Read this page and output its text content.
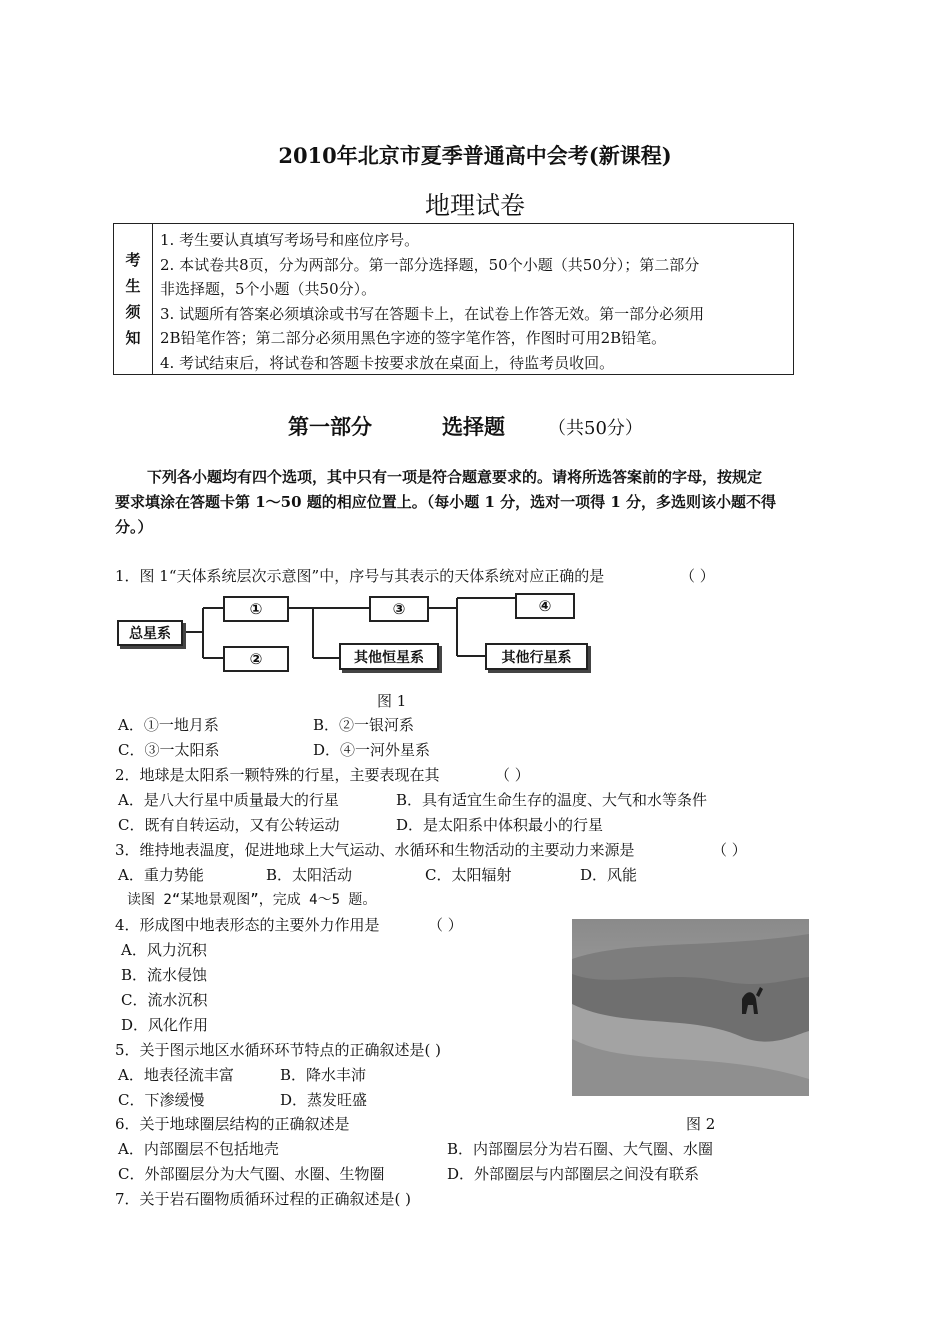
2010年北京市夏季普通高中会考(新课程)
地理试卷
考
生
须
知
1. 考生要认真填写考场号和座位序号。
2. 本试卷共8页，分为两部分。第一部分选择题，50个小题（共50分）；第二部分
非选择题，5个小题（共50分）。
3. 试题所有答案必须填涂或书写在答题卡上，在试卷上作答无效。第一部分必须用
2B铅笔作答；第二部分必须用黑色字迹的签字笔作答，作图时可用2B铅笔。
4. 考试结束后，将试卷和答题卡按要求放在桌面上，待监考员收回。
第一部分	选择题 （共50分）
下列各小题均有四个选项，其中只有一项是符合题意要求的。请将所选答案前的字母，按规定
要求填涂在答题卡第 1～50 题的相应位置上。（每小题 1 分，选对一项得 1 分，多选则该小题不得
分。）
1．图 1“天体系统层次示意图”中，序号与其表示的天体系统对应正确的是	（ ）
总星系
①
②
③
其他恒星系
④
其他行星系
图 1
A．①一地月系	B．②一银河系
C．③一太阳系	D．④一河外星系
2．地球是太阳系一颗特殊的行星，主要表现在其	（ ）
A．是八大行星中质量最大的行星	B．具有适宜生命生存的温度、大气和水等条件
C．既有自转运动，又有公转运动	D．是太阳系中体积最小的行星
3．维持地表温度，促进地球上大气运动、水循环和生物活动的主要动力来源是	（ ）
A．重力势能	B．太阳活动	C．太阳辐射	D．风能
读图 2“某地景观图”，完成 4～5 题。
4．形成图中地表形态的主要外力作用是	（ ）
A．风力沉积
B．流水侵蚀
C．流水沉积
D．风化作用
5．关于图示地区水循环环节特点的正确叙述是( )
A．地表径流丰富	B．降水丰沛
C．下渗缓慢	D．蒸发旺盛
图 2
6．关于地球圈层结构的正确叙述是
A．内部圈层不包括地壳	B．内部圈层分为岩石圈、大气圈、水圈
C．外部圈层分为大气圈、水圈、生物圈	D．外部圈层与内部圈层之间没有联系
7．关于岩石圈物质循环过程的正确叙述是( )
